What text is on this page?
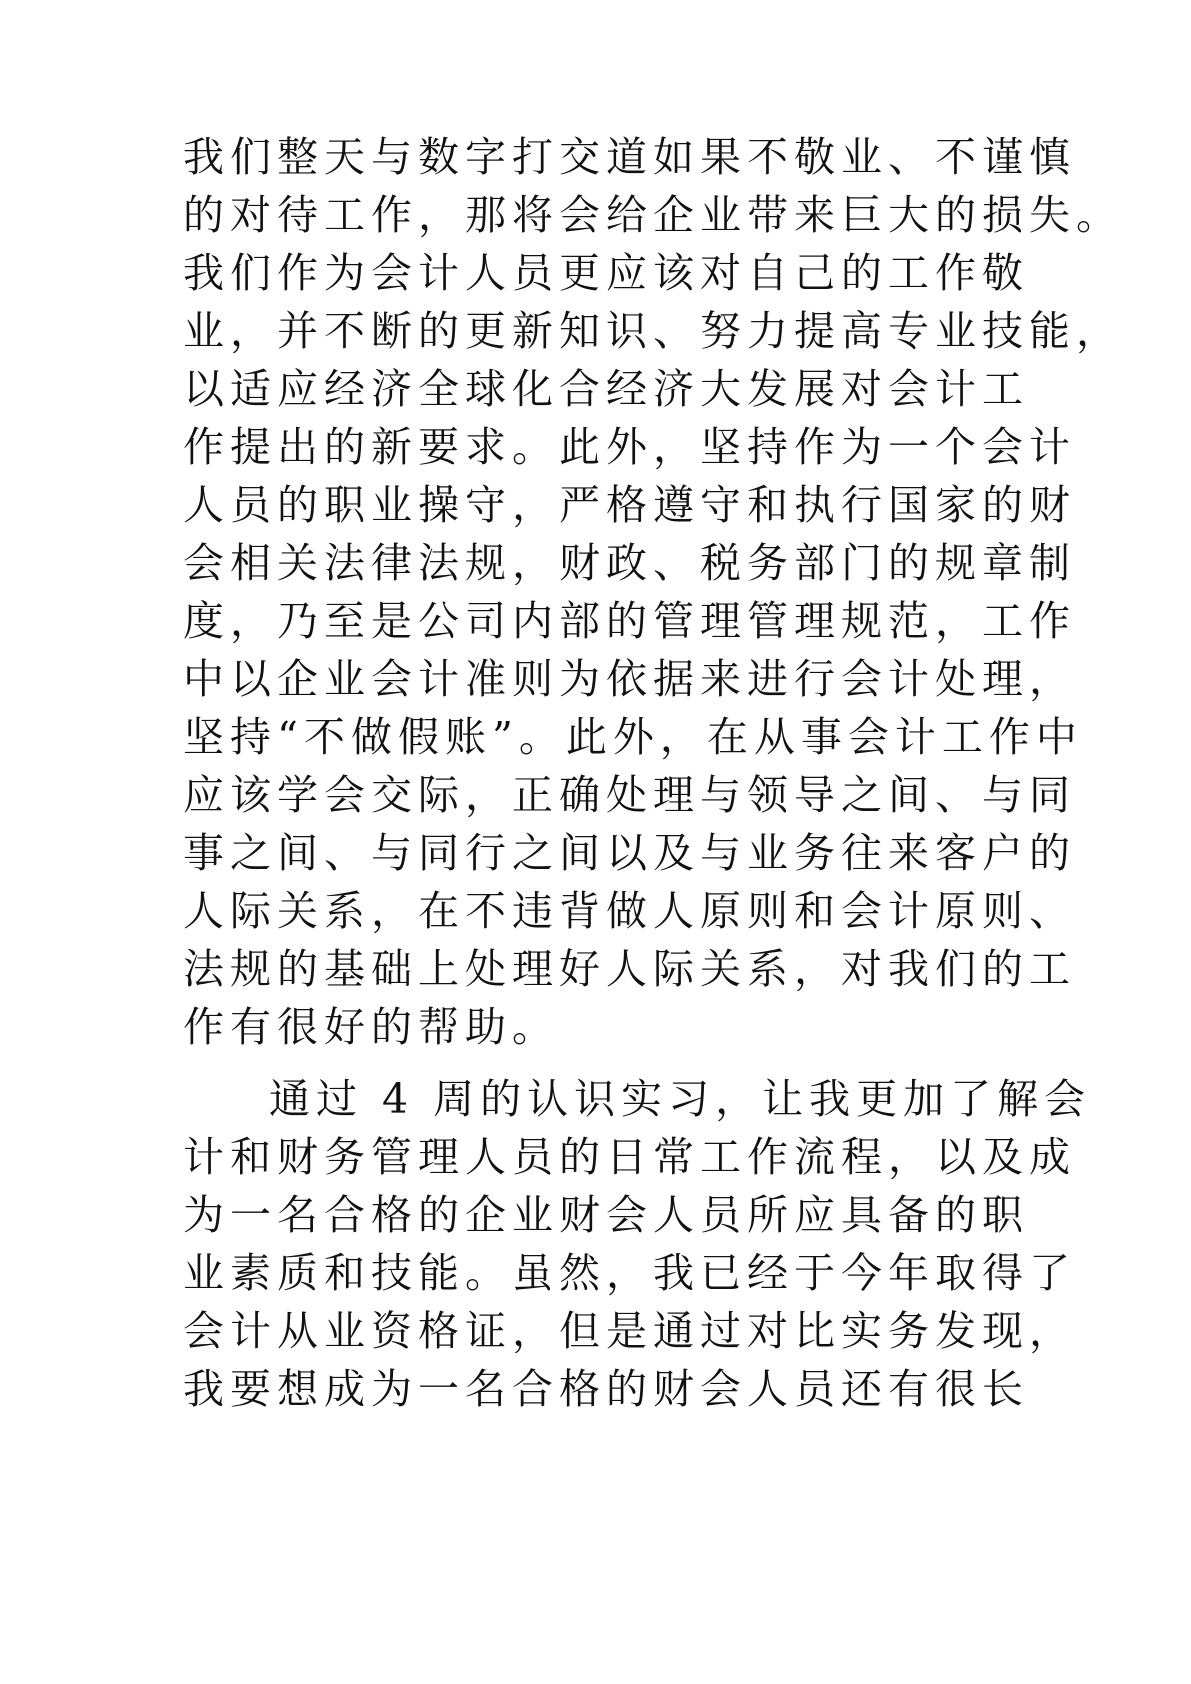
我们整天与数字打交道如果不敬业、不谨慎
的对待工作，那将会给企业带来巨大的损失。
我们作为会计人员更应该对自己的工作敬
业，并不断的更新知识、努力提高专业技能，
以适应经济全球化合经济大发展对会计工
作提出的新要求。此外，坚持作为一个会计
人员的职业操守，严格遵守和执行国家的财
会相关法律法规，财政、税务部门的规章制
度，乃至是公司内部的管理管理规范，工作
中以企业会计准则为依据来进行会计处理，
坚持“不做假账”。此外，在从事会计工作中
应该学会交际，正确处理与领导之间、与同
事之间、与同行之间以及与业务往来客户的
人际关系，在不违背做人原则和会计原则、
法规的基础上处理好人际关系，对我们的工
作有很好的帮助。
通过 4 周的认识实习，让我更加了解会
计和财务管理人员的日常工作流程，以及成
为一名合格的企业财会人员所应具备的职
业素质和技能。虽然，我已经于今年取得了
会计从业资格证，但是通过对比实务发现，
我要想成为一名合格的财会人员还有很长
